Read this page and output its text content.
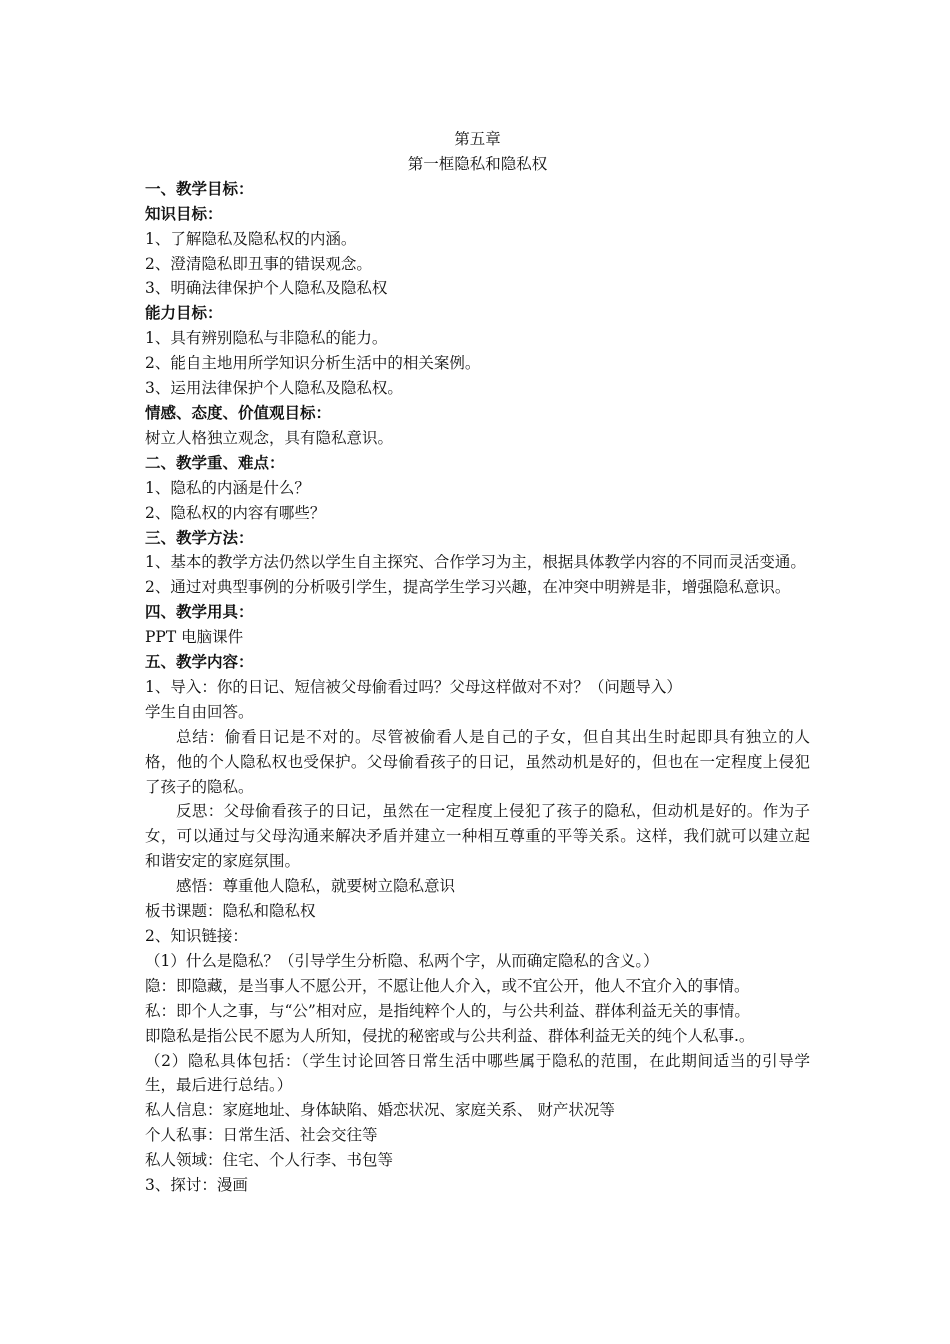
第五章
第一框隐私和隐私权
一、教学目标：
知识目标：
1、了解隐私及隐私权的内涵。
2、澄清隐私即丑事的错误观念。
3、明确法律保护个人隐私及隐私权
能力目标：
1、具有辨别隐私与非隐私的能力。
2、能自主地用所学知识分析生活中的相关案例。
3、运用法律保护个人隐私及隐私权。
情感、态度、价值观目标：
树立人格独立观念，具有隐私意识。
二、教学重、难点：
1、隐私的内涵是什么？
2、隐私权的内容有哪些？
三、教学方法：

1、基本的教学方法仍然以学生自主探究、合作学习为主，根据具体教学内容的不同而灵活变通。

2、通过对典型事例的分析吸引学生，提高学生学习兴趣，在冲突中明辨是非，增强隐私意识。

四、教学用具：
PPT 电脑课件
五、教学内容：
1、导入：你的日记、短信被父母偷看过吗？父母这样做对不对？（问题导入）
学生自由回答。

总结：偷看日记是不对的。尽管被偷看人是自己的子女，但自其出生时起即具有独立的人格，他的个人隐私权也受保护。父母偷看孩子的日记，虽然动机是好的，但也在一定程度上侵犯了孩子的隐私。

反思：父母偷看孩子的日记，虽然在一定程度上侵犯了孩子的隐私，但动机是好的。作为子女，可以通过与父母沟通来解决矛盾并建立一种相互尊重的平等关系。这样，我们就可以建立起和谐安定的家庭氛围。

感悟：尊重他人隐私，就要树立隐私意识
板书课题：隐私和隐私权
2、知识链接：
（1）什么是隐私？（引导学生分析隐、私两个字，从而确定隐私的含义。）
隐：即隐藏，是当事人不愿公开，不愿让他人介入，或不宜公开，他人不宜介入的事情。
私：即个人之事，与“公”相对应，是指纯粹个人的，与公共利益、群体利益无关的事情。
即隐私是指公民不愿为人所知，侵扰的秘密或与公共利益、群体利益无关的纯个人私事.。

（2）隐私具体包括：（学生讨论回答日常生活中哪些属于隐私的范围，在此期间适当的引导学生，最后进行总结。）

私人信息：家庭地址、身体缺陷、婚恋状况、家庭关系、 财产状况等
个人私事：日常生活、社会交往等
私人领域：住宅、个人行李、书包等
3、探讨：漫画
